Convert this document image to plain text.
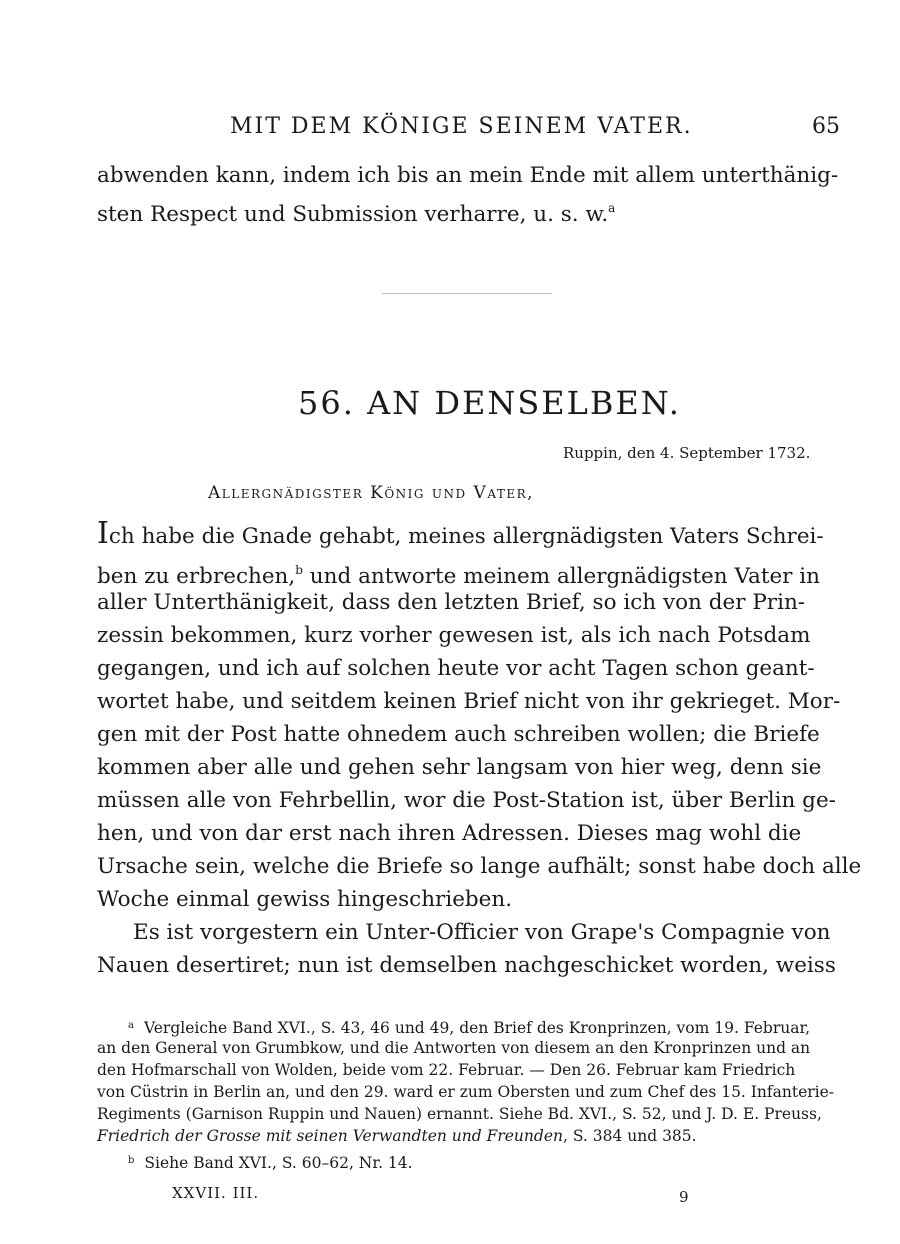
MIT DEM KÖNIGE SEINEM VATER.	65
abwenden kann, indem ich bis an mein Ende mit allem unterthänig-
sten Respect und Submission verharre, u. s. w.$^a$
56. AN DENSELBEN.
Ruppin, den 4. September 1732.
Allergnädigster König und Vater,
Ich habe die Gnade gehabt, meines allergnädigsten Vaters Schrei-
ben zu erbrechen,$^b$ und antworte meinem allergnädigsten Vater in
aller Unterthänigkeit, dass den letzten Brief, so ich von der Prin-
zessin bekommen, kurz vorher gewesen ist, als ich nach Potsdam
gegangen, und ich auf solchen heute vor acht Tagen schon geant-
wortet habe, und seitdem keinen Brief nicht von ihr gekrieget. Mor-
gen mit der Post hatte ohnedem auch schreiben wollen; die Briefe
kommen aber alle und gehen sehr langsam von hier weg, denn sie
müssen alle von Fehrbellin, wor die Post-Station ist, über Berlin ge-
hen, und von dar erst nach ihren Adressen. Dieses mag wohl die
Ursache sein, welche die Briefe so lange aufhält; sonst habe doch alle
Woche einmal gewiss hingeschrieben.
Es ist vorgestern ein Unter-Officier von Grape's Compagnie von
Nauen desertiret; nun ist demselben nachgeschicket worden, weiss
$^a$ Vergleiche Band XVI., S. 43, 46 und 49, den Brief des Kronprinzen, vom 19. Februar,
an den General von Grumbkow, und die Antworten von diesem an den Kronprinzen und an
den Hofmarschall von Wolden, beide vom 22. Februar. — Den 26. Februar kam Friedrich
von Cüstrin in Berlin an, und den 29. ward er zum Obersten und zum Chef des 15. Infanterie-
Regiments (Garnison Ruppin und Nauen) ernannt. Siehe Bd. XVI., S. 52, und J. D. E. Preuss,
Friedrich der Grosse mit seinen Verwandten und Freunden, S. 384 und 385.
$^b$ Siehe Band XVI., S. 60–62, Nr. 14.
XXVII. III.	9
